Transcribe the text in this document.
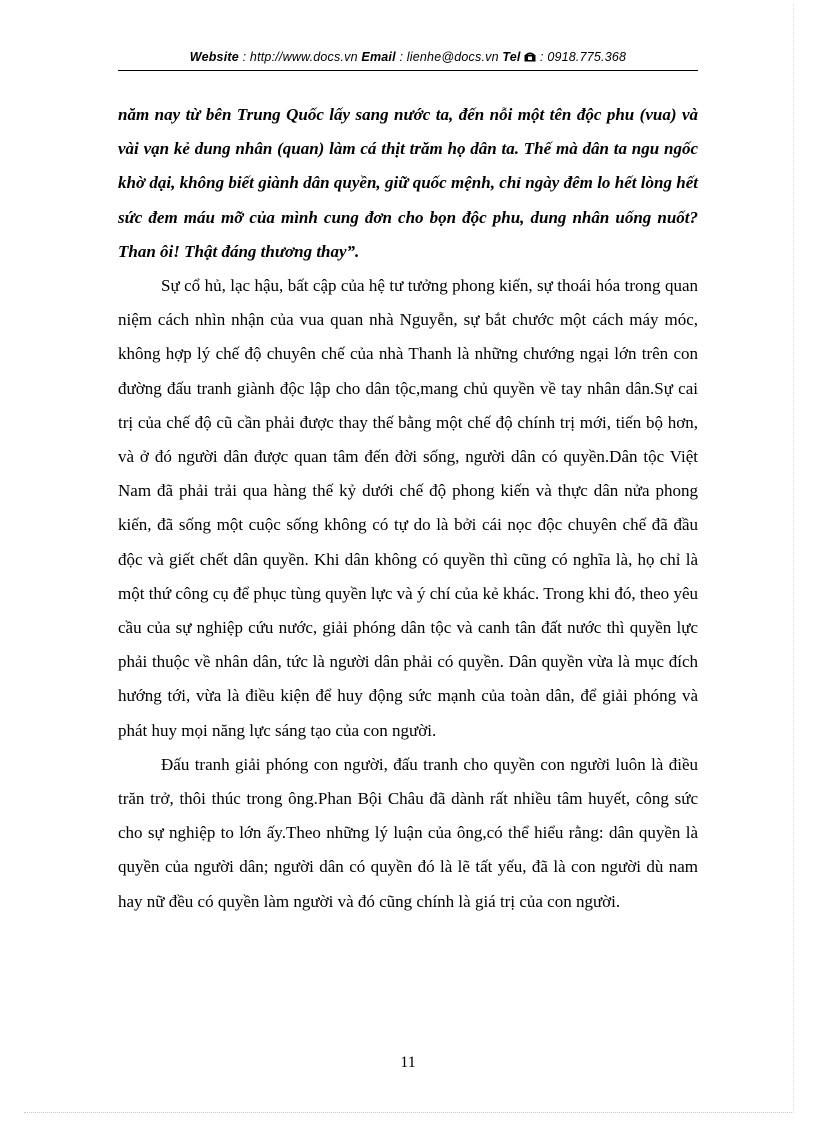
Website : http://www.docs.vn Email : lienhe@docs.vn Tel  : 0918.775.368

năm nay từ bên Trung Quốc lấy sang nước ta, đến nỗi một tên độc phu (vua) và vài vạn kẻ dung nhân (quan) làm cá thịt trăm họ dân ta. Thế mà dân ta ngu ngốc khờ dại, không biết giành dân quyền, giữ quốc mệnh, chỉ ngày đêm lo hết lòng hết sức đem máu mỡ của mình cung đơn cho bọn độc phu, dung nhân uống nuốt? Than ôi! Thật đáng thương thay”.

Sự cổ hủ, lạc hậu, bất cập của hệ tư tưởng phong kiến, sự thoái hóa trong quan niệm cách nhìn nhận của vua quan nhà Nguyễn, sự bắt chước một cách máy móc, không hợp lý chế độ chuyên chế của nhà Thanh là những chướng ngại lớn trên con đường đấu tranh giành độc lập cho dân tộc,mang chủ quyền về tay nhân dân.Sự cai trị của chế độ cũ cần phải được thay thế bằng một chế độ chính trị mới, tiến bộ hơn, và ở đó người dân được quan tâm đến đời sống, người dân có quyền.Dân tộc Việt Nam đã phải trải qua hàng thế kỷ dưới chế độ phong kiến và thực dân nửa phong kiến, đã sống một cuộc sống không có tự do là bởi cái nọc độc chuyên chế đã đầu độc và giết chết dân quyền. Khi dân không có quyền thì cũng có nghĩa là, họ chỉ là một thứ công cụ để phục tùng quyền lực và ý chí của kẻ khác. Trong khi đó, theo yêu cầu của sự nghiệp cứu nước, giải phóng dân tộc và canh tân đất nước thì quyền lực phải thuộc về nhân dân, tức là người dân phải có quyền. Dân quyền vừa là mục đích hướng tới, vừa là điều kiện để huy động sức mạnh của toàn dân, để giải phóng và phát huy mọi năng lực sáng tạo của con người.

Đấu tranh giải phóng con người, đấu tranh cho quyền con người luôn là điều trăn trở, thôi thúc trong ông.Phan Bội Châu đã dành rất nhiều tâm huyết, công sức cho sự nghiệp to lớn ấy.Theo những lý luận của ông,có thể hiểu rằng: dân quyền là quyền của người dân; người dân có quyền đó là lẽ tất yếu, đã là con người dù nam hay nữ đều có quyền làm người và đó cũng chính là giá trị của con người.

11
